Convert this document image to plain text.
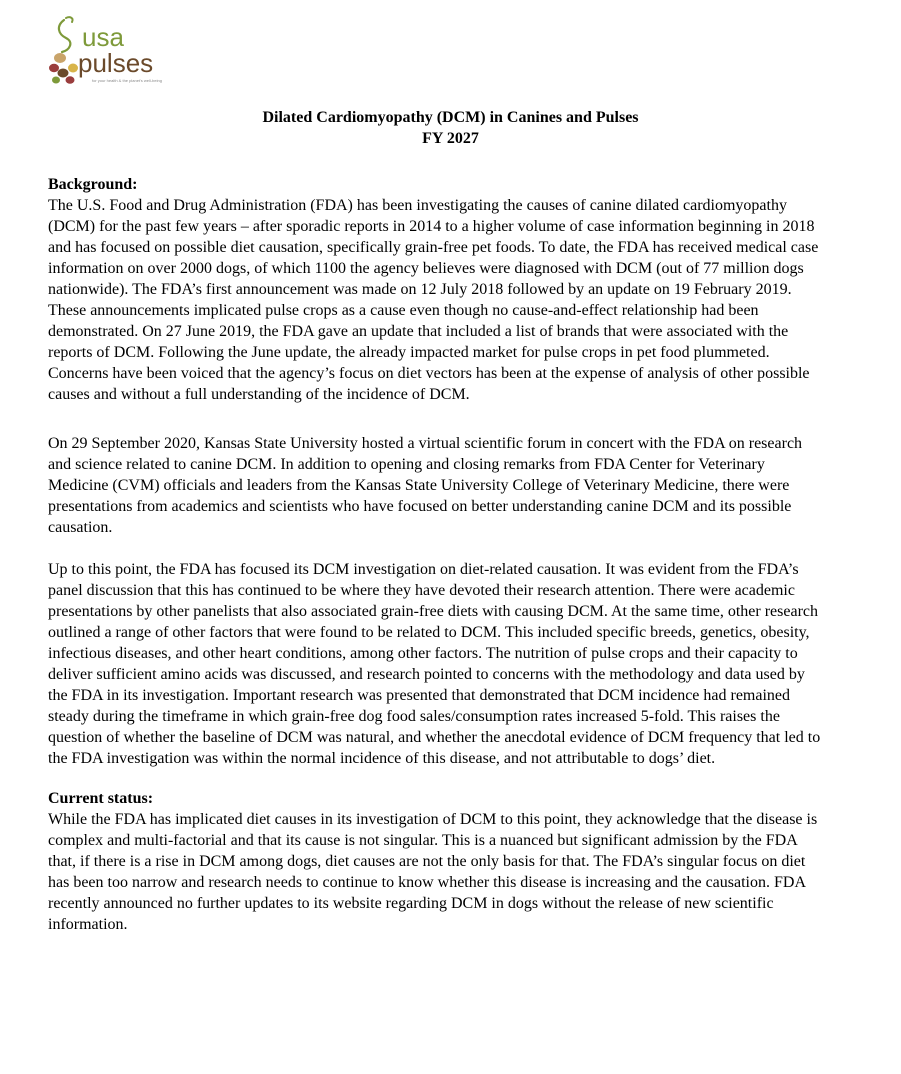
usa
pulses
for your health & the planet's well-being
Dilated Cardiomyopathy (DCM) in Canines and Pulses
FY 2027
Background:

The U.S. Food and Drug Administration (FDA) has been investigating the causes of canine dilated cardiomyopathy (DCM) for the past few years – after sporadic reports in 2014 to a higher volume of case information beginning in 2018 and has focused on possible diet causation, specifically grain-free pet foods. To date, the FDA has received medical case information on over 2000 dogs, of which 1100 the agency believes were diagnosed with DCM (out of 77 million dogs nationwide). The FDA’s first announcement was made on 12 July 2018 followed by an update on 19 February 2019. These announcements implicated pulse crops as a cause even though no cause-and-effect relationship had been demonstrated. On 27 June 2019, the FDA gave an update that included a list of brands that were associated with the reports of DCM. Following the June update, the already impacted market for pulse crops in pet food plummeted. Concerns have been voiced that the agency’s focus on diet vectors has been at the expense of analysis of other possible causes and without a full understanding of the incidence of DCM.

On 29 September 2020, Kansas State University hosted a virtual scientific forum in concert with the FDA on research and science related to canine DCM. In addition to opening and closing remarks from FDA Center for Veterinary Medicine (CVM) officials and leaders from the Kansas State University College of Veterinary Medicine, there were presentations from academics and scientists who have focused on better understanding canine DCM and its possible causation.

Up to this point, the FDA has focused its DCM investigation on diet-related causation. It was evident from the FDA’s panel discussion that this has continued to be where they have devoted their research attention. There were academic presentations by other panelists that also associated grain-free diets with causing DCM. At the same time, other research outlined a range of other factors that were found to be related to DCM. This included specific breeds, genetics, obesity, infectious diseases, and other heart conditions, among other factors. The nutrition of pulse crops and their capacity to deliver sufficient amino acids was discussed, and research pointed to concerns with the methodology and data used by the FDA in its investigation. Important research was presented that demonstrated that DCM incidence had remained steady during the timeframe in which grain-free dog food sales/consumption rates increased 5-fold. This raises the question of whether the baseline of DCM was natural, and whether the anecdotal evidence of DCM frequency that led to the FDA investigation was within the normal incidence of this disease, and not attributable to dogs’ diet.

Current status:

While the FDA has implicated diet causes in its investigation of DCM to this point, they acknowledge that the disease is complex and multi-factorial and that its cause is not singular. This is a nuanced but significant admission by the FDA that, if there is a rise in DCM among dogs, diet causes are not the only basis for that. The FDA’s singular focus on diet has been too narrow and research needs to continue to know whether this disease is increasing and the causation. FDA recently announced no further updates to its website regarding DCM in dogs without the release of new scientific information.
